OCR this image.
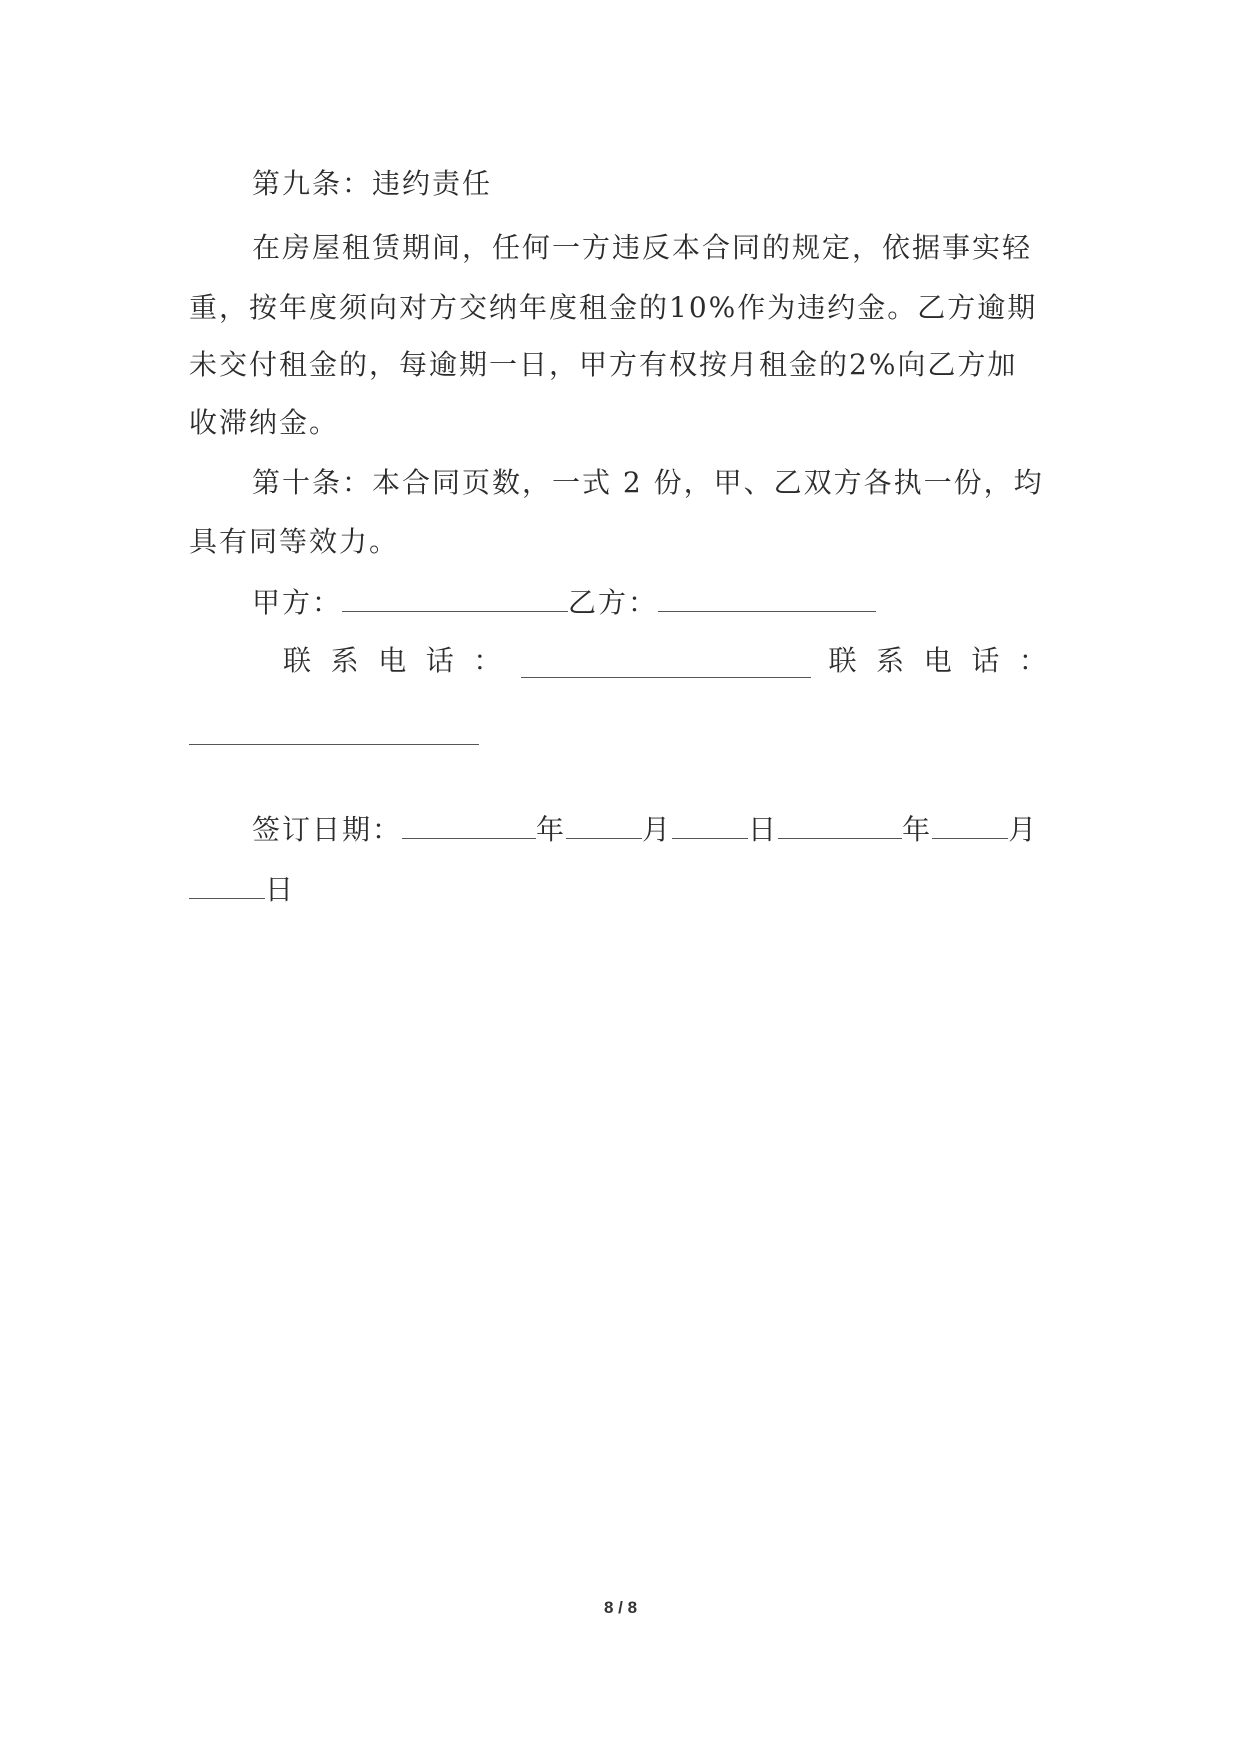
第九条：违约责任
在房屋租赁期间，任何一方违反本合同的规定，依据事实轻
重，按年度须向对方交纳年度租金的10%作为违约金。乙方逾期
未交付租金的，每逾期一日，甲方有权按月租金的2%向乙方加
收滞纳金。
第十条：本合同页数，一式 2 份，甲、乙双方各执一份，均
具有同等效力。
甲方：	乙方：
联 系 电 话 ：	联 系 电 话 ：
签订日期：	年	月	日	年	月
日
8 / 8
